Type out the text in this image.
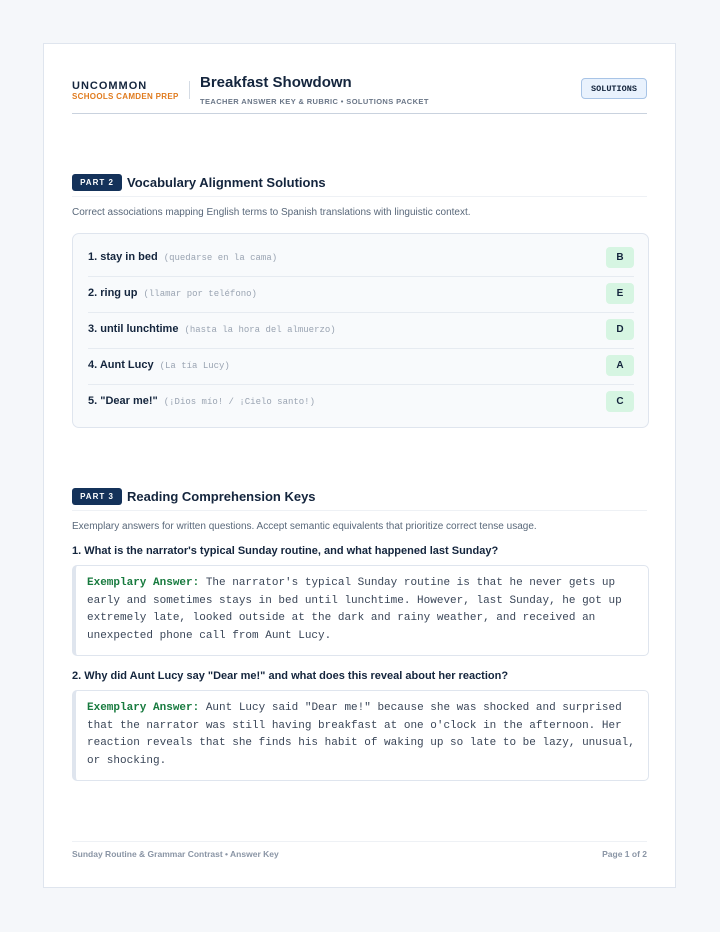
UNCOMMON
SCHOOLS CAMDEN PREP
Breakfast Showdown
TEACHER ANSWER KEY & RUBRIC • SOLUTIONS PACKET
SOLUTIONS
PART 2	Vocabulary Alignment Solutions
Correct associations mapping English terms to Spanish translations with linguistic context.
1. stay in bed (quedarse en la cama)	B
2. ring up (llamar por teléfono)	E
3. until lunchtime (hasta la hora del almuerzo)	D
4. Aunt Lucy (La tía Lucy)	A
5. "Dear me!" (¡Dios mío! / ¡Cielo santo!)	C
PART 3	Reading Comprehension Keys
Exemplary answers for written questions. Accept semantic equivalents that prioritize correct tense usage.
1. What is the narrator's typical Sunday routine, and what happened last Sunday?
Exemplary Answer: The narrator's typical Sunday routine is that he never gets up early and sometimes stays in bed until lunchtime. However, last Sunday, he got up extremely late, looked outside at the dark and rainy weather, and received an unexpected phone call from Aunt Lucy.
2. Why did Aunt Lucy say "Dear me!" and what does this reveal about her reaction?
Exemplary Answer: Aunt Lucy said "Dear me!" because she was shocked and surprised that the narrator was still having breakfast at one o'clock in the afternoon. Her reaction reveals that she finds his habit of waking up so late to be lazy, unusual, or shocking.
Sunday Routine & Grammar Contrast • Answer Key	Page 1 of 2
